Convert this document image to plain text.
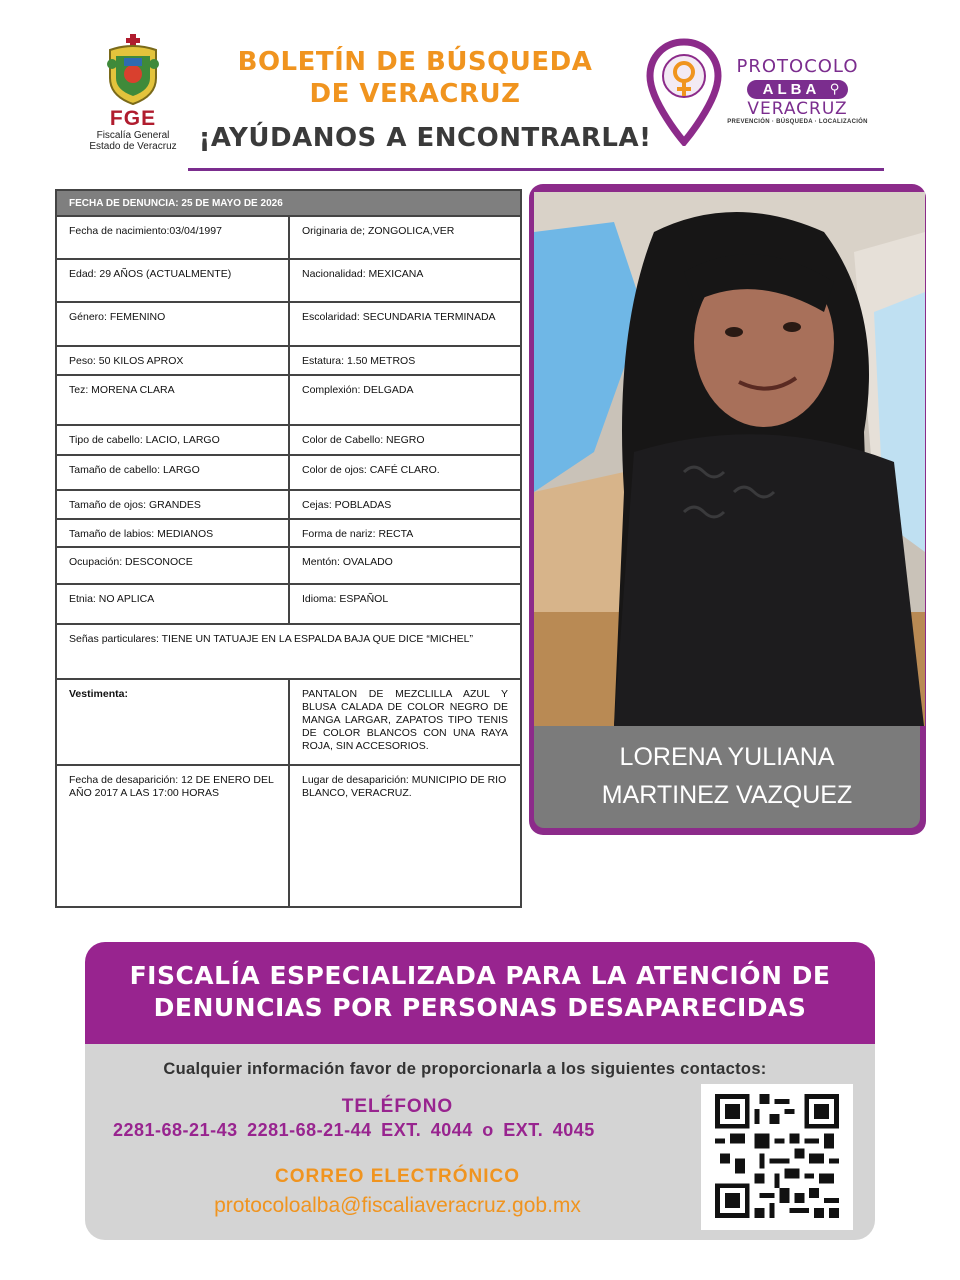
FGE
Fiscalía General
Estado de Veracruz
BOLETÍN DE BÚSQUEDA
DE VERACRUZ
¡AYÚDANOS A ENCONTRARLA!
PROTOCOLO
ALBA ⚲
VERACRUZ
PREVENCIÓN · BÚSQUEDA · LOCALIZACIÓN
FECHA DE DENUNCIA: 25 DE MAYO DE 2026
Fecha de nacimiento:03/04/1997	Originaria de; ZONGOLICA,VER
Edad: 29 AÑOS (ACTUALMENTE)	Nacionalidad: MEXICANA
Género: FEMENINO	Escolaridad: SECUNDARIA TERMINADA
Peso: 50 KILOS APROX	Estatura: 1.50 METROS
Tez: MORENA CLARA	Complexión: DELGADA
Tipo de cabello: LACIO, LARGO	Color de Cabello: NEGRO
Tamaño de cabello: LARGO	Color de ojos: CAFÉ CLARO.
Tamaño de ojos: GRANDES	Cejas: POBLADAS
Tamaño de labios: MEDIANOS	Forma de nariz: RECTA
Ocupación: DESCONOCE	Mentón: OVALADO
Etnia: NO APLICA	Idioma: ESPAÑOL
Señas particulares: TIENE UN TATUAJE EN LA ESPALDA BAJA QUE DICE “MICHEL”
Vestimenta:	PANTALON DE MEZCLILLA AZUL Y BLUSA CALADA DE COLOR NEGRO DE MANGA LARGAR, ZAPATOS TIPO TENIS DE COLOR BLANCOS CON UNA RAYA ROJA, SIN ACCESORIOS.
Fecha de desaparición: 12 DE ENERO DEL AÑO 2017 A LAS 17:00 HORAS
Lugar de desaparición: MUNICIPIO DE RIO BLANCO, VERACRUZ.
LORENA YULIANA
MARTINEZ VAZQUEZ
FISCALÍA ESPECIALIZADA PARA LA ATENCIÓN DE
DENUNCIAS POR PERSONAS DESAPARECIDAS
Cualquier información favor de proporcionarla a los siguientes contactos:
TELÉFONO
2281-68-21-43 2281-68-21-44 EXT. 4044 o EXT. 4045
CORREO ELECTRÓNICO
protocoloalba@fiscaliaveracruz.gob.mx
